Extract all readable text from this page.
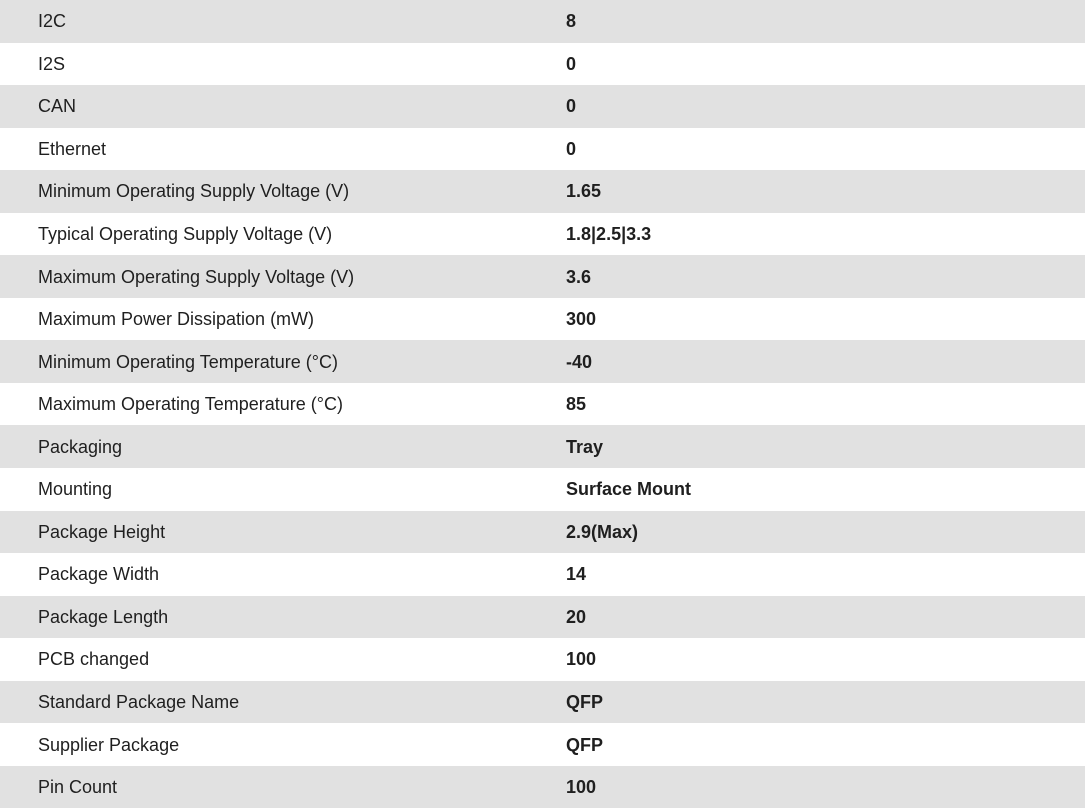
I2C	8
I2S	0
CAN	0
Ethernet	0
Minimum Operating Supply Voltage (V)	1.65
Typical Operating Supply Voltage (V)	1.8|2.5|3.3
Maximum Operating Supply Voltage (V)	3.6
Maximum Power Dissipation (mW)	300
Minimum Operating Temperature (°C)	-40
Maximum Operating Temperature (°C)	85
Packaging	Tray
Mounting	Surface Mount
Package Height	2.9(Max)
Package Width	14
Package Length	20
PCB changed	100
Standard Package Name	QFP
Supplier Package	QFP
Pin Count	100
